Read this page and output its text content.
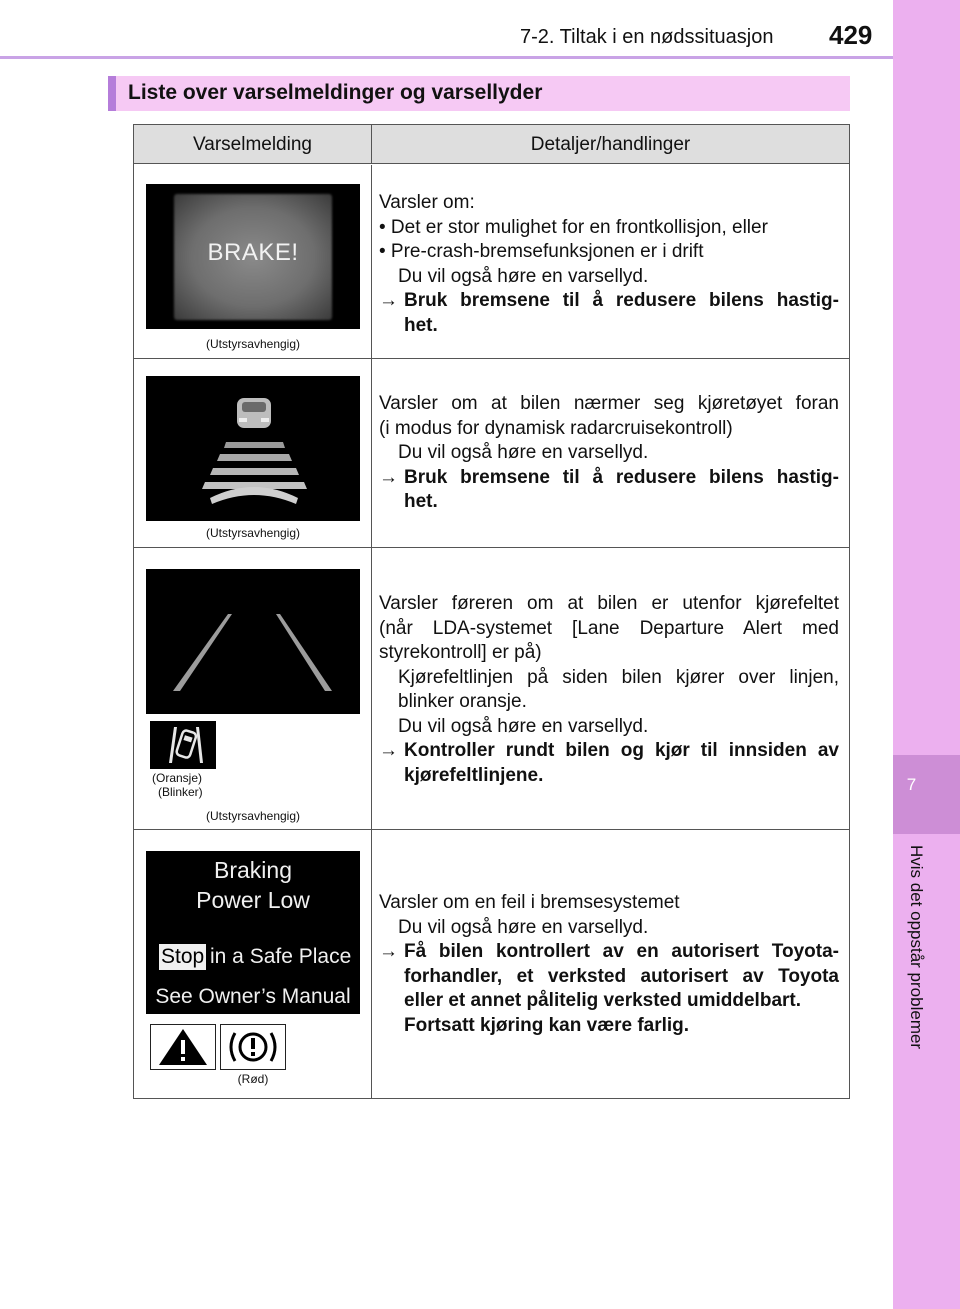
7-2. Tiltak i en nødssituasjon 429
7
Hvis det oppstår problemer
Liste over varselmeldinger og varsellyder
Varselmelding	Detaljer/handlinger
BRAKE!
(Utstyrsavhengig)
Varsler om:
• Det er stor mulighet for en frontkollisjon, eller
• Pre-crash-bremsefunksjonen er i drift
Du vil også høre en varsellyd.
→ Bruk bremsene til å redusere bilens hastig-
het.
(Utstyrsavhengig)
Varsler om at bilen nærmer seg kjøretøyet foran
(i modus for dynamisk radarcruisekontroll)
Du vil også høre en varsellyd.
→ Bruk bremsene til å redusere bilens hastig-
het.
(Oransje)
(Blinker)
(Utstyrsavhengig)
Varsler føreren om at bilen er utenfor kjørefeltet
(når LDA-systemet [Lane Departure Alert med
styrekontroll] er på)
Kjørefeltlinjen på siden bilen kjører over linjen,
blinker oransje.
Du vil også høre en varsellyd.
→ Kontroller rundt bilen og kjør til innsiden av
kjørefeltlinjene.
Braking
Power Low
Stop in a Safe Place
See Owner’s Manual
(Rød)
Varsler om en feil i bremsesystemet
Du vil også høre en varsellyd.
→ Få bilen kontrollert av en autorisert Toyota-
forhandler, et verksted autorisert av Toyota
eller et annet pålitelig verksted umiddelbart.
Fortsatt kjøring kan være farlig.
